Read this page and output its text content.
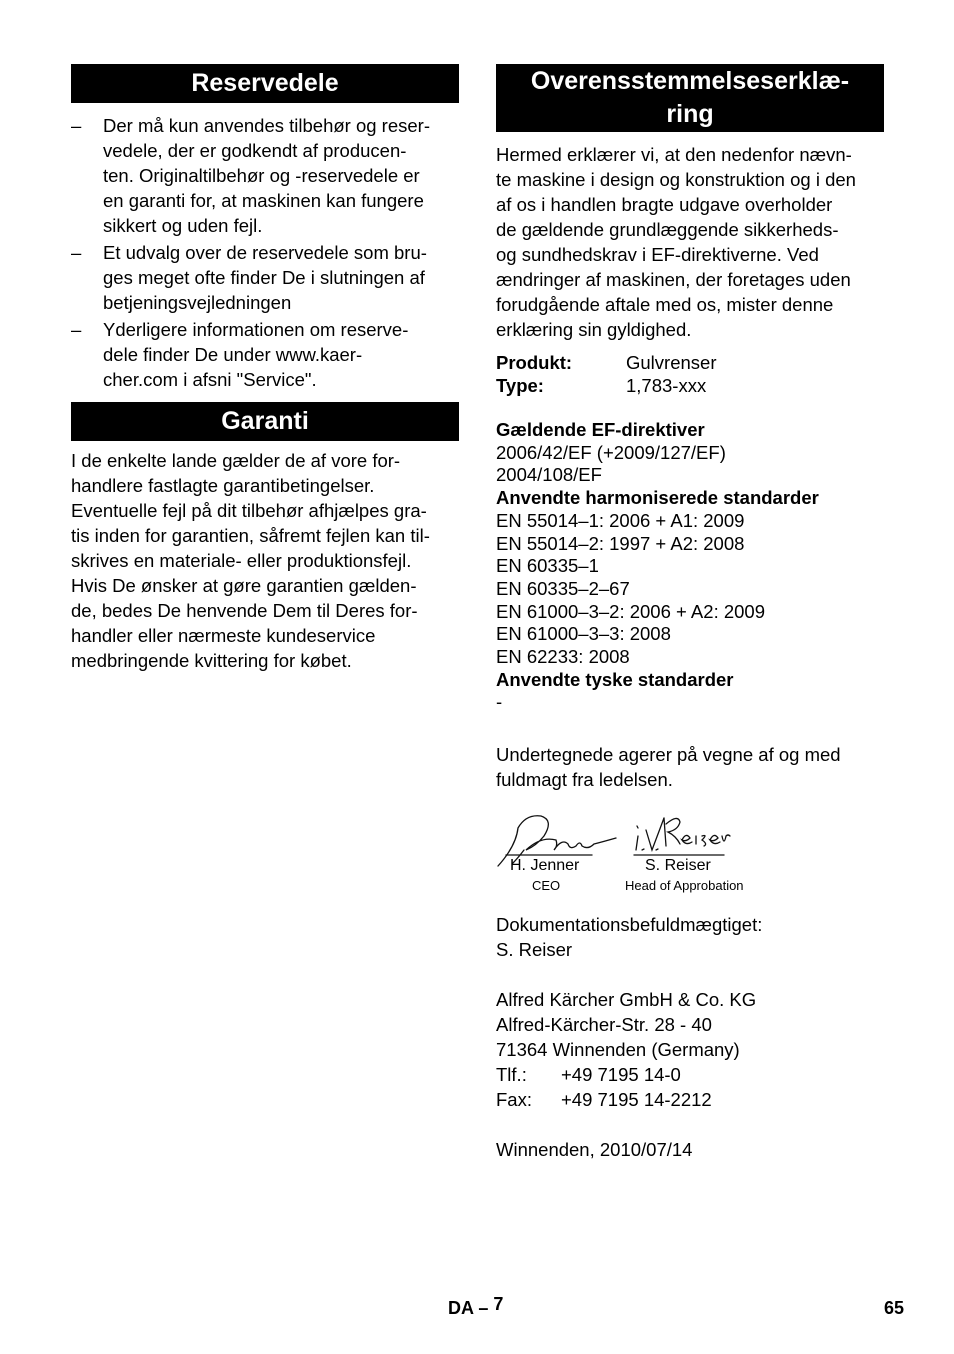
Reservedele
– Der må kun anvendes tilbehør og reser-
vedele, der er godkendt af producen-
ten. Originaltilbehør og -reservedele er
en garanti for, at maskinen kan fungere
sikkert og uden fejl.
– Et udvalg over de reservedele som bru-
ges meget ofte finder De i slutningen af
betjeningsvejledningen
– Yderligere informationen om reserve-
dele finder De under www.kaer-
cher.com i afsni "Service".
Garanti
I de enkelte lande gælder de af vore for-
handlere fastlagte garantibetingelser.
Eventuelle fejl på dit tilbehør afhjælpes gra-
tis inden for garantien, såfremt fejlen kan til-
skrives en materiale- eller produktionsfejl.
Hvis De ønsker at gøre garantien gælden-
de, bedes De henvende Dem til Deres for-
handler eller nærmeste kundeservice
medbringende kvittering for købet.
Overensstemmelseserklæ-
ring
Hermed erklærer vi, at den nedenfor nævn-
te maskine i design og konstruktion og i den
af os i handlen bragte udgave overholder
de gældende grundlæggende sikkerheds-
og sundhedskrav i EF-direktiverne. Ved
ændringer af maskinen, der foretages uden
forudgående aftale med os, mister denne
erklæring sin gyldighed.
Produkt:	Gulvrenser
Type:	1,783-xxx
Gældende EF-direktiver
2006/42/EF (+2009/127/EF)
2004/108/EF
Anvendte harmoniserede standarder
EN 55014–1: 2006 + A1: 2009
EN 55014–2: 1997 + A2: 2008
EN 60335–1
EN 60335–2–67
EN 61000–3–2: 2006 + A2: 2009
EN 61000–3–3: 2008
EN 62233: 2008
Anvendte tyske standarder
-
Undertegnede agerer på vegne af og med
fuldmagt fra ledelsen.
H. Jenner
CEO
S. Reiser
Head of Approbation
Dokumentationsbefuldmægtiget:
S. Reiser
Alfred Kärcher GmbH & Co. KG
Alfred-Kärcher-Str. 28 - 40
71364 Winnenden (Germany)
Tlf.:	+49 7195 14-0
Fax:	+49 7195 14-2212
Winnenden, 2010/07/14
DA – 7	65
